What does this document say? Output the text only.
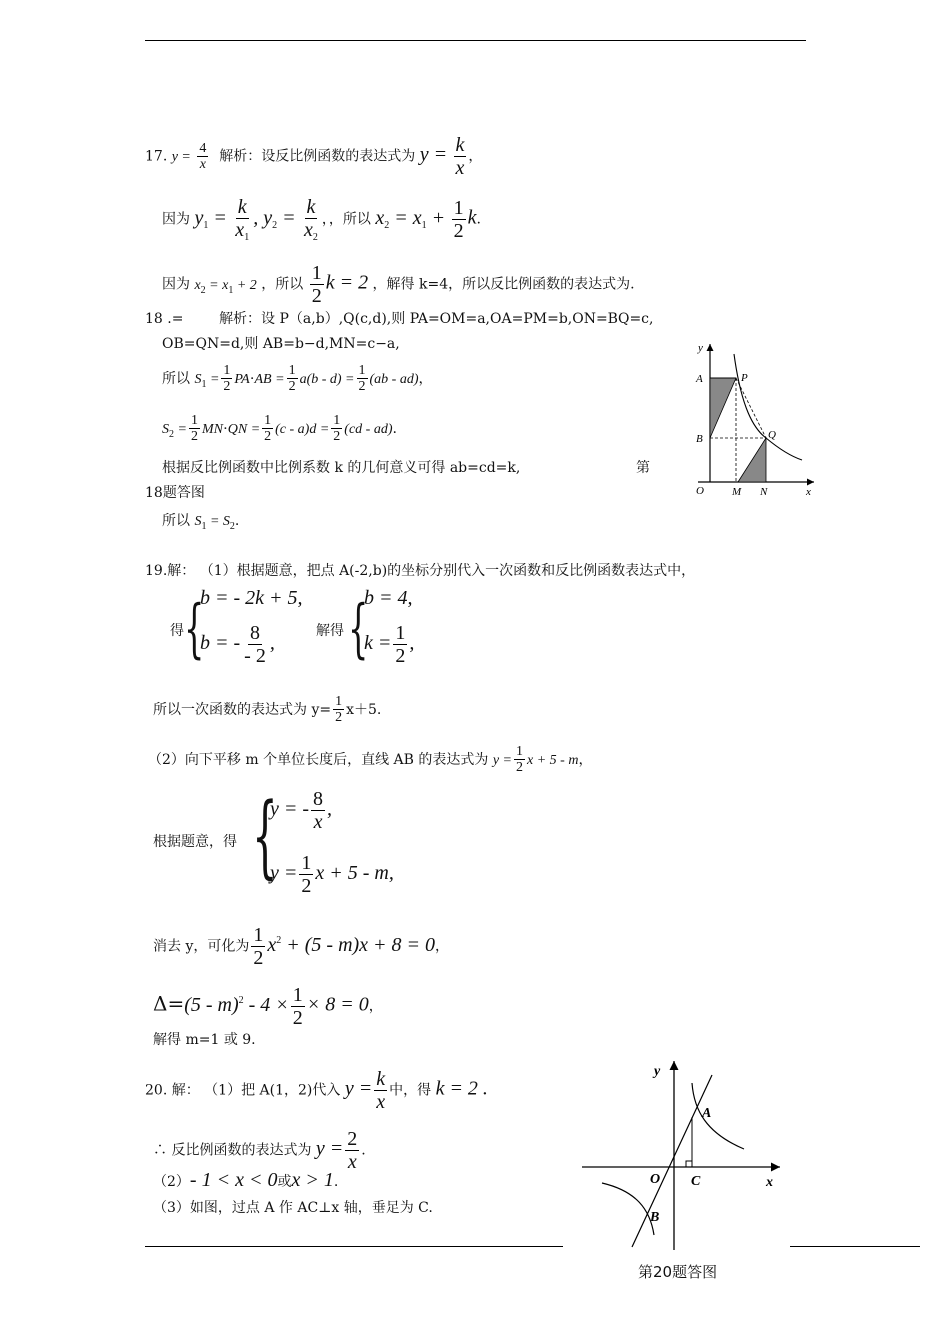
17. $y = \frac{4}{x}$ 解析：设反比例函数的表达式为 $y = \frac{k}{x}$ ，
因为 $y_1 = \frac{k}{x_1}$ , $y_2 = \frac{k}{x_2}$ ，，所以 $x_2 = x_1 + \frac{1}{2} k$.
因为 $x_2 = x_1 + 2$ ，所以 $\frac{1}{2}$ k = 2 ，解得 k=4，所以反比例函数的表达式为.
18 .=	解析：设 P（a,b）,Q(c,d),则 PA=OM=a,OA=PM=b,ON=BQ=c,
OB=QN=d,则 AB=b−d,MN=c−a,
所以 $S_1 = \frac{1}{2} PA\cdot AB = \frac{1}{2} a(b - d) = \frac{1}{2} (ab - ad)$，
$S_2 = \frac{1}{2} MN\cdot QN = \frac{1}{2} (c - a)d = \frac{1}{2} (cd - ad)$.
根据反比例函数中比例系数 k 的几何意义可得 ab=cd=k,	第
18题答图
所以 $S_1 = S_2$.
y
A	P
B	Q
O	M N	x
19.解： （1）根据题意，把点 A(-2,b)的坐标分别代入一次函数和反比例函数表达式中，
得 {
b = - 2k + 5,
b = - $\frac{8}{- 2}$ ,
解得 {
b = 4,
$k = \frac{1}{2}$ ,
所以一次函数的表达式为 $y= \frac{1}{2} x+5$.
（2）向下平移 m 个单位长度后，直线 AB 的表达式为 $y = \frac{1}{2}$ x + 5 - m，
根据题意，得 {
y = - $\frac{8}{x}$ ,
$y = \frac{1}{2}$ x + 5 - m,
消去 y，可化为 $\frac{1}{2} x^2 + (5 - m)x + 8 = 0$，
$\Delta=(5 - m)^2 - 4 \times \frac{1}{2} \times 8 = 0$，
解得 m=1 或 9.
20. 解： （1）把 A(1，2)代入 $y = \frac{k}{x}$ 中，得 k = 2 .
∴ 反比例函数的表达式为 $y = \frac{2}{x}$ .
（2）- 1 < x < 0或x > 1.
（3）如图，过点 A 作 AC⊥x 轴，垂足为 C.
y
A
O C	x
B
第20题答图
